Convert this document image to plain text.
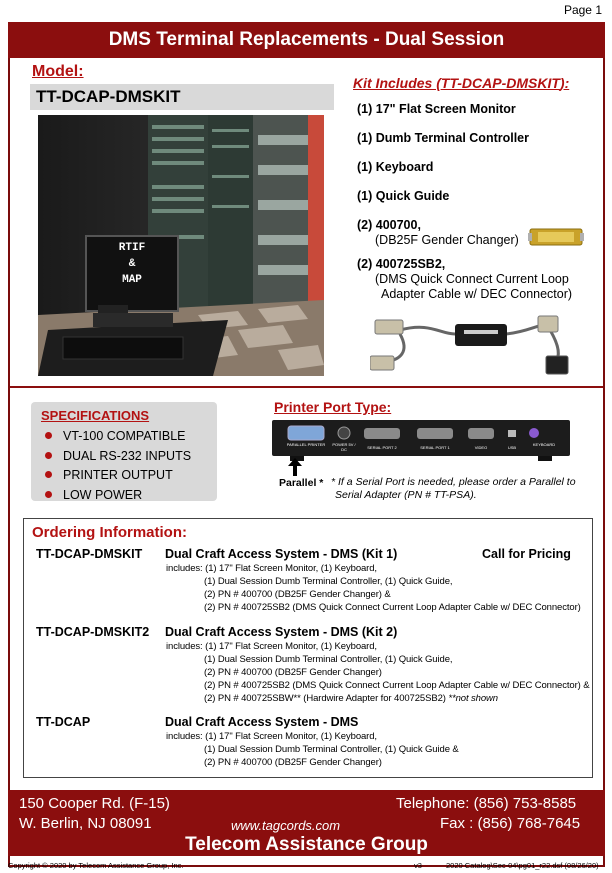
Page 1
DMS Terminal Replacements - Dual Session
Model:
TT-DCAP-DMSKIT
RTIF
&
MAP
Kit Includes (TT-DCAP-DMSKIT):
(1) 17" Flat Screen Monitor
(1) Dumb Terminal Controller
(1) Keyboard
(1) Quick Guide
(2) 400700,
(DB25F Gender Changer)
(2) 400725SB2,
(DMS Quick Connect Current Loop
Adapter Cable w/ DEC Connector)
SPECIFICATIONS
VT-100 COMPATIBLE
DUAL RS-232 INPUTS
PRINTER OUTPUT
LOW POWER
Printer Port Type:
PARALLEL PRINTER POWER 5V / DC	SERIAL PORT 2	SERIAL PORT 1	VIDEO	USB
KEYBOARD
Parallel * * If a Serial Port is needed, please order a Parallel to
Serial Adapter (PN # TT-PSA).
Ordering Information:
TT-DCAP-DMSKIT Dual Craft Access System - DMS (Kit 1)	Call for Pricing
includes: (1) 17" Flat Screen Monitor, (1) Keyboard,
(1) Dual Session Dumb Terminal Controller, (1) Quick Guide,
(2) PN # 400700 (DB25F Gender Changer) &
(2) PN # 400725SB2 (DMS Quick Connect Current Loop Adapter Cable w/ DEC Connector)
TT-DCAP-DMSKIT2 Dual Craft Access System - DMS (Kit 2)
includes: (1) 17" Flat Screen Monitor, (1) Keyboard,
(1) Dual Session Dumb Terminal Controller, (1) Quick Guide,
(2) PN # 400700 (DB25F Gender Changer)
(2) PN # 400725SB2 (DMS Quick Connect Current Loop Adapter Cable w/ DEC Connector) &
(2) PN # 400725SBW** (Hardwire Adapter for 400725SB2) **not shown
TT-DCAP	Dual Craft Access System - DMS
includes: (1) 17" Flat Screen Monitor, (1) Keyboard,
(1) Dual Session Dumb Terminal Controller, (1) Quick Guide &
(2) PN # 400700 (DB25F Gender Changer)
150 Cooper Rd. (F-15)
W. Berlin, NJ 08091	www.tagcords.com
Telephone: (856) 753-8585
Fax : (856) 768-7645
Telecom Assistance Group
Copyright © 2020 by Telecom Assistance Group, Inc.	v3	2020 Catalog\Sec-04\pg01_r22.dsf (08/26/20)
